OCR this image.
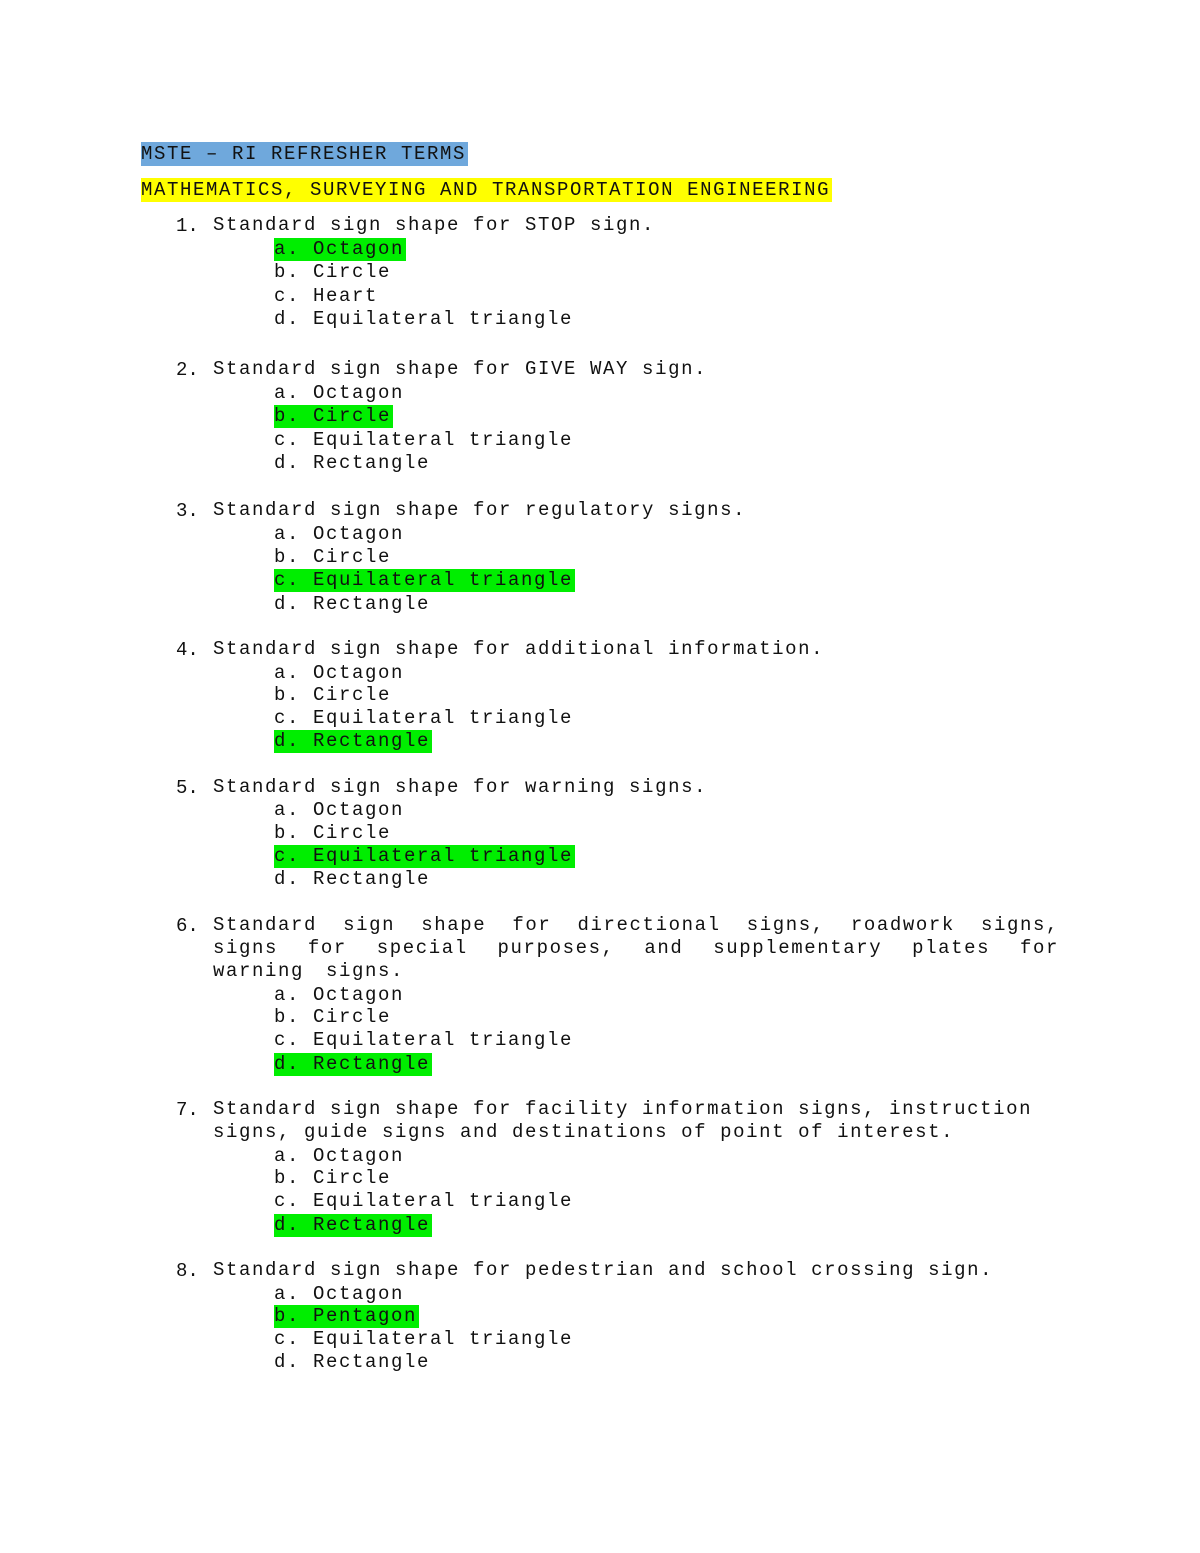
MSTE – RI REFRESHER TERMS
MATHEMATICS, SURVEYING AND TRANSPORTATION ENGINEERING
1. Standard sign shape for STOP sign.
a. Octagon
b. Circle
c. Heart
d. Equilateral triangle
2. Standard sign shape for GIVE WAY sign.
a. Octagon
b. Circle
c. Equilateral triangle
d. Rectangle
3. Standard sign shape for regulatory signs.
a. Octagon
b. Circle
c. Equilateral triangle
d. Rectangle
4. Standard sign shape for additional information.
a. Octagon
b. Circle
c. Equilateral triangle
d. Rectangle
5. Standard sign shape for warning signs.
a. Octagon
b. Circle
c. Equilateral triangle
d. Rectangle
6. Standard sign shape for directional signs, roadwork signs, signs for special purposes, and supplementary plates for warning signs.
a. Octagon
b. Circle
c. Equilateral triangle
d. Rectangle
7. Standard sign shape for facility information signs, instruction signs, guide signs and destinations of point of interest.
a. Octagon
b. Circle
c. Equilateral triangle
d. Rectangle
8. Standard sign shape for pedestrian and school crossing sign.
a. Octagon
b. Pentagon
c. Equilateral triangle
d. Rectangle
